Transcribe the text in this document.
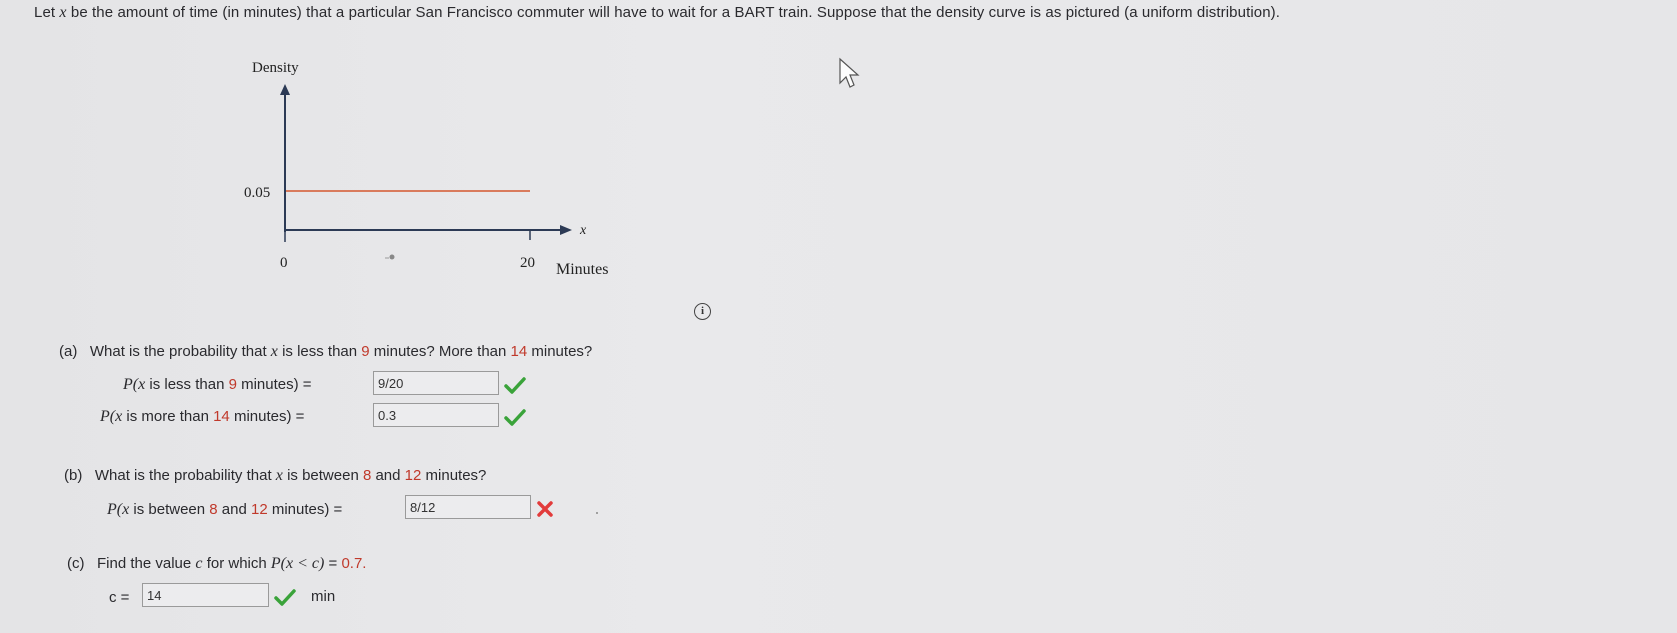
Let x be the amount of time (in minutes) that a particular San Francisco commuter will have to wait for a BART train. Suppose that the density curve is as pictured (a uniform distribution).
Density
0.05
0	20
x
Minutes
i
(a) What is the probability that x is less than 9 minutes? More than 14 minutes?
P(x is less than 9 minutes) =	9/20
P(x is more than 14 minutes) =	0.3
(b) What is the probability that x is between 8 and 12 minutes?
P(x is between 8 and 12 minutes) =	8/12
(c) Find the value c for which P(x < c) = 0.7.
c =	14	min
